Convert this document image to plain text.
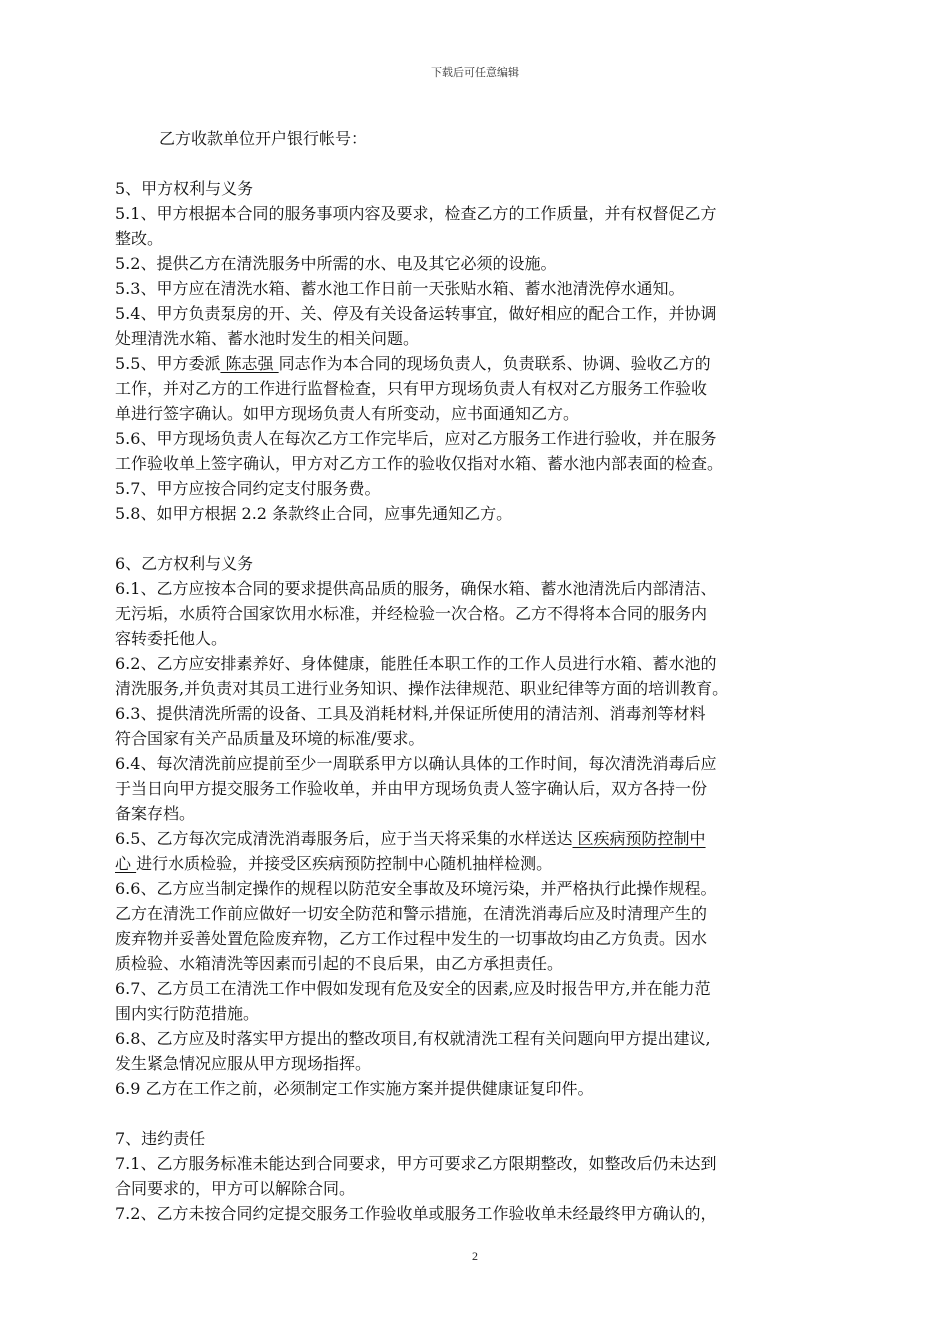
下载后可任意编辑
乙方收款单位开户银行帐号：
5、甲方权利与义务
5.1、甲方根据本合同的服务事项内容及要求，检查乙方的工作质量，并有权督促乙方
整改。
5.2、提供乙方在清洗服务中所需的水、电及其它必须的设施。
5.3、甲方应在清洗水箱、蓄水池工作日前一天张贴水箱、蓄水池清洗停水通知。
5.4、甲方负责泵房的开、关、停及有关设备运转事宜，做好相应的配合工作，并协调
处理清洗水箱、蓄水池时发生的相关问题。
5.5、甲方委派 陈志强 同志作为本合同的现场负责人，负责联系、协调、验收乙方的
工作，并对乙方的工作进行监督检查，只有甲方现场负责人有权对乙方服务工作验收
单进行签字确认。如甲方现场负责人有所变动，应书面通知乙方。
5.6、甲方现场负责人在每次乙方工作完毕后，应对乙方服务工作进行验收，并在服务
工作验收单上签字确认，甲方对乙方工作的验收仅指对水箱、蓄水池内部表面的检查。
5.7、甲方应按合同约定支付服务费。
5.8、如甲方根据 2.2 条款终止合同，应事先通知乙方。
6、乙方权利与义务
6.1、乙方应按本合同的要求提供高品质的服务，确保水箱、蓄水池清洗后内部清洁、
无污垢，水质符合国家饮用水标准，并经检验一次合格。乙方不得将本合同的服务内
容转委托他人。
6.2、乙方应安排素养好、身体健康，能胜任本职工作的工作人员进行水箱、蓄水池的
清洗服务,并负责对其员工进行业务知识、操作法律规范、职业纪律等方面的培训教育。
6.3、提供清洗所需的设备、工具及消耗材料,并保证所使用的清洁剂、消毒剂等材料
符合国家有关产品质量及环境的标准/要求。
6.4、每次清洗前应提前至少一周联系甲方以确认具体的工作时间，每次清洗消毒后应
于当日向甲方提交服务工作验收单，并由甲方现场负责人签字确认后，双方各持一份
备案存档。
6.5、乙方每次完成清洗消毒服务后，应于当天将采集的水样送达 区疾病预防控制中
心 进行水质检验，并接受区疾病预防控制中心随机抽样检测。
6.6、乙方应当制定操作的规程以防范安全事故及环境污染，并严格执行此操作规程。
乙方在清洗工作前应做好一切安全防范和警示措施，在清洗消毒后应及时清理产生的
废弃物并妥善处置危险废弃物，乙方工作过程中发生的一切事故均由乙方负责。因水
质检验、水箱清洗等因素而引起的不良后果，由乙方承担责任。
6.7、乙方员工在清洗工作中假如发现有危及安全的因素,应及时报告甲方,并在能力范
围内实行防范措施。
6.8、乙方应及时落实甲方提出的整改项目,有权就清洗工程有关问题向甲方提出建议,
发生紧急情况应服从甲方现场指挥。
6.9 乙方在工作之前，必须制定工作实施方案并提供健康证复印件。
7、违约责任
7.1、乙方服务标准未能达到合同要求，甲方可要求乙方限期整改，如整改后仍未达到
合同要求的，甲方可以解除合同。
7.2、乙方未按合同约定提交服务工作验收单或服务工作验收单未经最终甲方确认的，
2
